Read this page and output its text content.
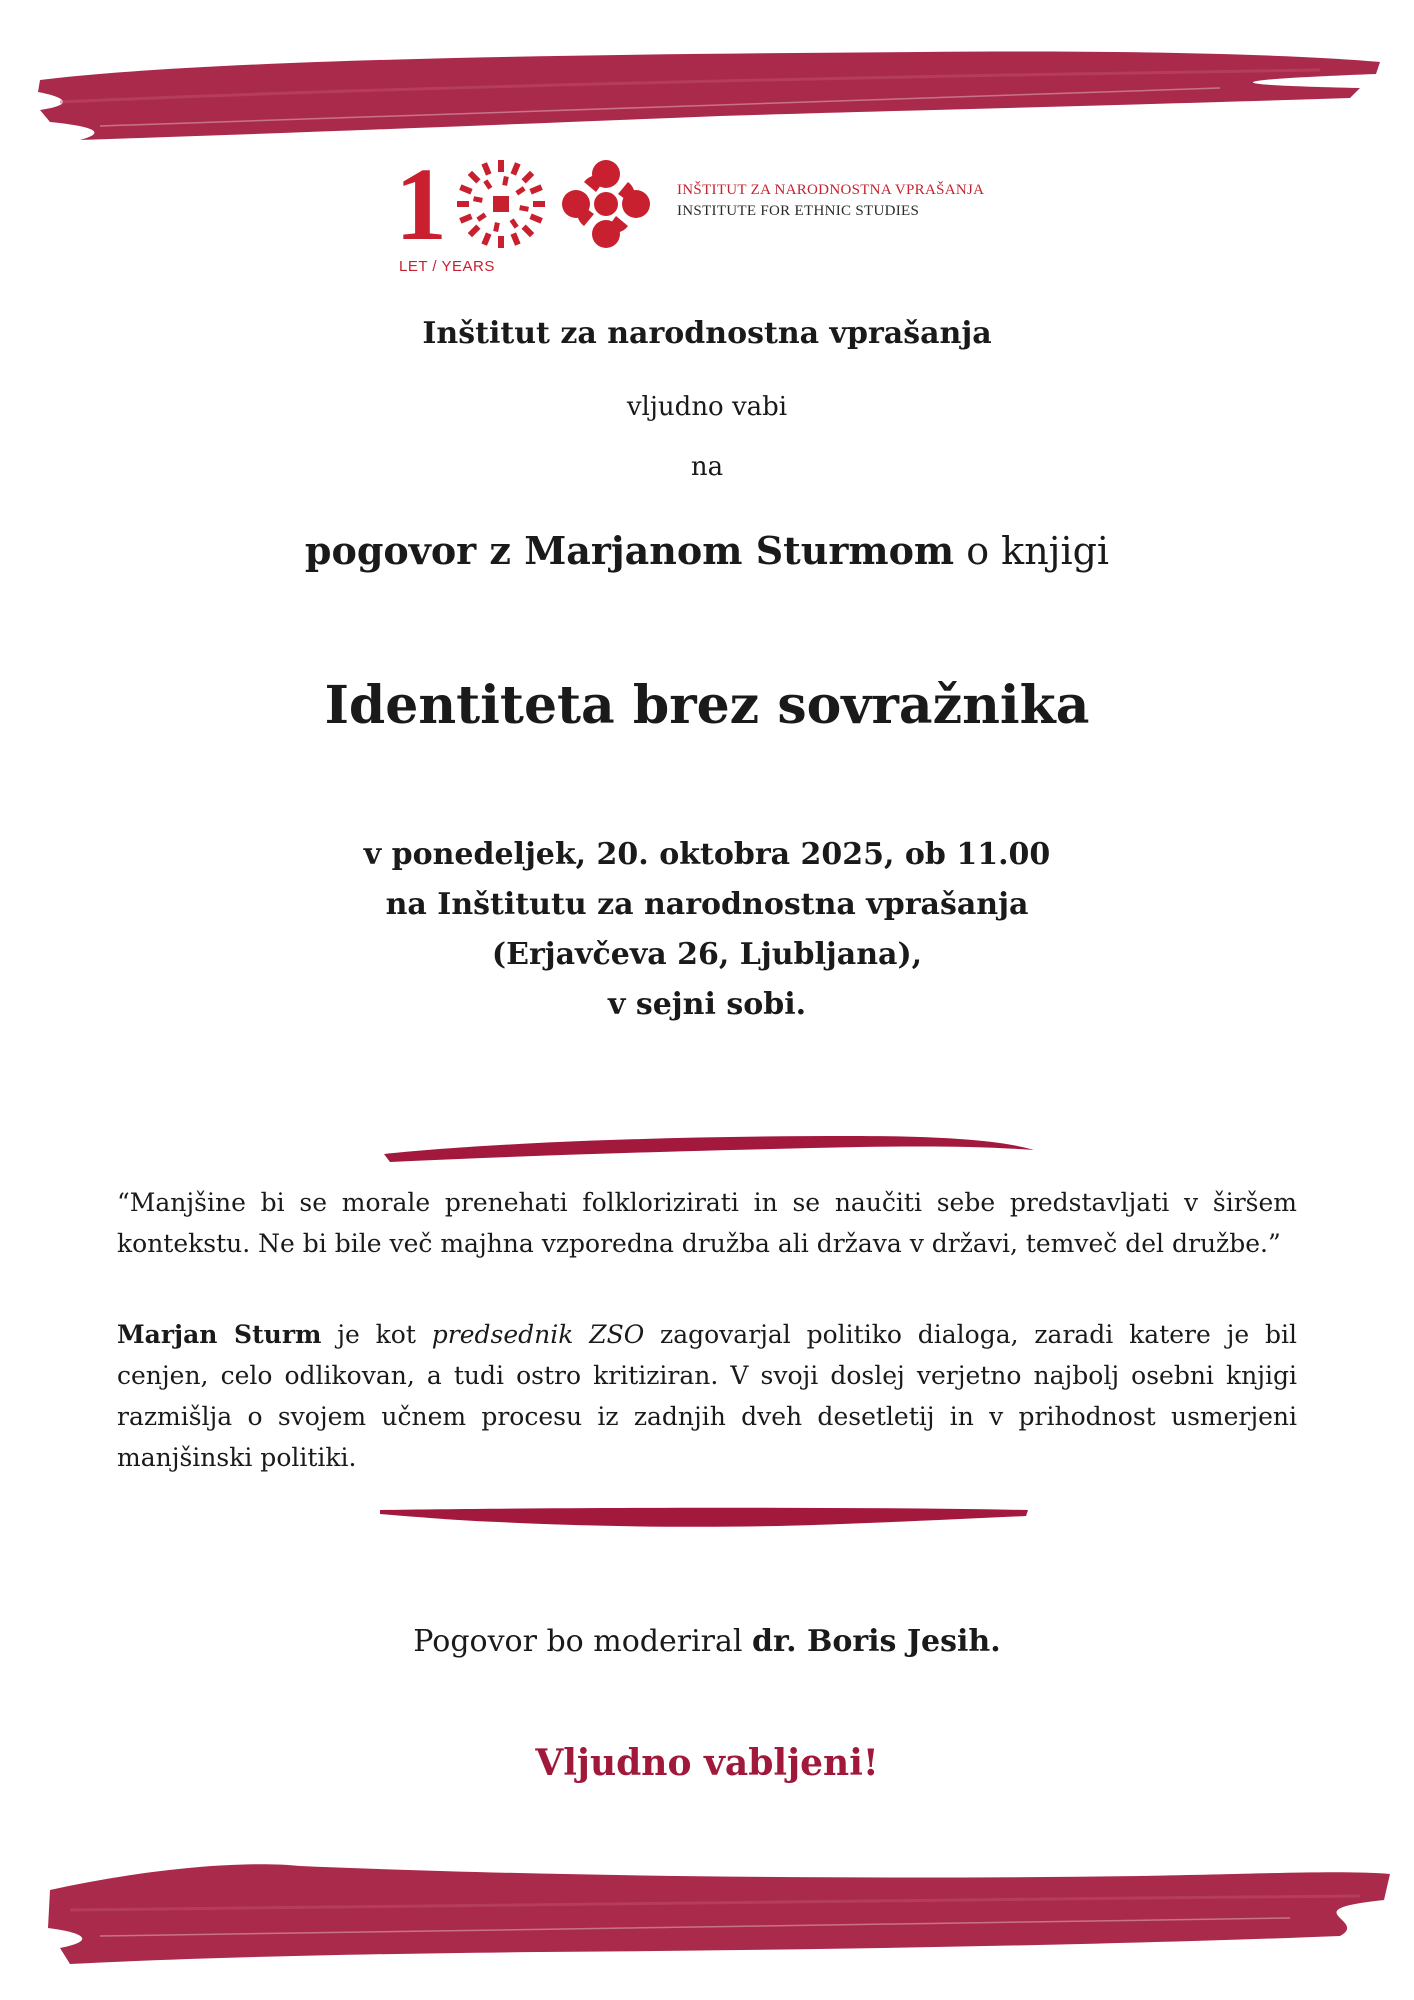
1
LET / YEARS
INŠTITUT ZA NARODNOSTNA VPRAŠANJA
INSTITUTE FOR ETHNIC STUDIES
Inštitut za narodnostna vprašanja
vljudno vabi
na
pogovor z Marjanom Sturmom o knjigi
Identiteta brez sovražnika
v ponedeljek, 20. oktobra 2025, ob 11.00
na Inštitutu za narodnostna vprašanja
(Erjavčeva 26, Ljubljana),
v sejni sobi.
“Manjšine bi se morale prenehati folklorizirati in se naučiti sebe predstavljati v širšem kontekstu. Ne bi bile več majhna vzporedna družba ali država v državi, temveč del družbe.”
Marjan Sturm je kot predsednik ZSO zagovarjal politiko dialoga, zaradi katere je bil cenjen, celo odlikovan, a tudi ostro kritiziran. V svoji doslej verjetno najbolj osebni knjigi razmišlja o svojem učnem procesu iz zadnjih dveh desetletij in v prihodnost usmerjeni manjšinski politiki.
Pogovor bo moderiral dr. Boris Jesih.
Vljudno vabljeni!
